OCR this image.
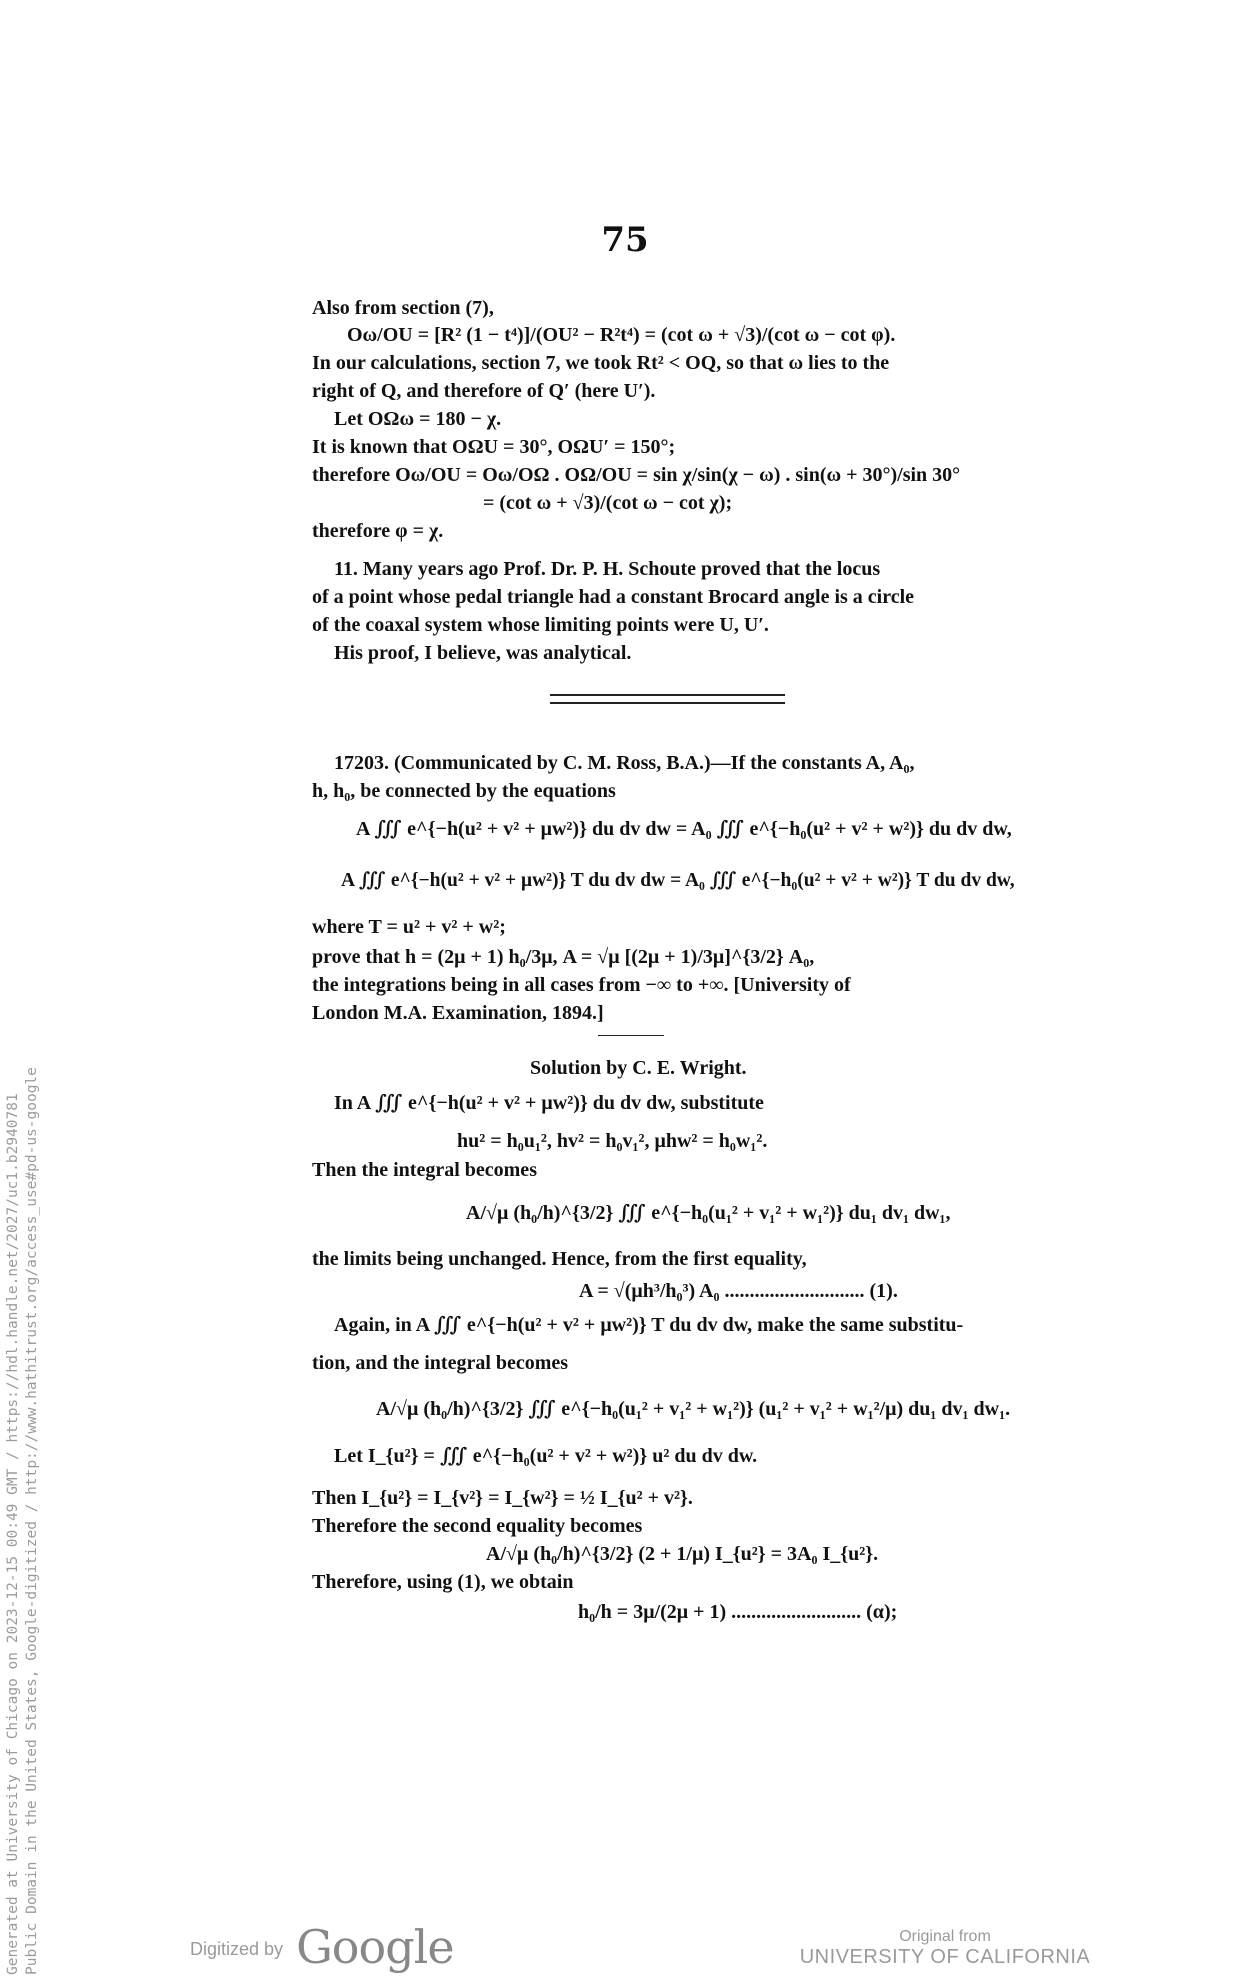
75
Also from section (7),
Oω/OU = [R² (1 − t⁴)]/(OU² − R²t⁴) = (cot ω + √3)/(cot ω − cot φ).
In our calculations, section 7, we took Rt² < OQ, so that ω lies to the
right of Q, and therefore of Q′ (here U′).
Let OΩω = 180 − χ.
It is known that OΩU = 30°, OΩU′ = 150°;
therefore Oω/OU = Oω/OΩ . OΩ/OU = sin χ/sin(χ − ω) . sin(ω + 30°)/sin 30°
= (cot ω + √3)/(cot ω − cot χ);
therefore φ = χ.
11. Many years ago Prof. Dr. P. H. Schoute proved that the locus
of a point whose pedal triangle had a constant Brocard angle is a circle
of the coaxal system whose limiting points were U, U′.
His proof, I believe, was analytical.
17203. (Communicated by C. M. Ross, B.A.)—If the constants A, A₀,
h, h₀, be connected by the equations
A ∭ e^{−h(u² + v² + μw²)} du dv dw = A₀ ∭ e^{−h₀(u² + v² + w²)} du dv dw,
A ∭ e^{−h(u² + v² + μw²)} T du dv dw = A₀ ∭ e^{−h₀(u² + v² + w²)} T du dv dw,
where T = u² + v² + w²;
prove that h = (2μ + 1) h₀/3μ, A = √μ [(2μ + 1)/3μ]^{3/2} A₀,
the integrations being in all cases from −∞ to +∞. [University of
London M.A. Examination, 1894.]
Solution by C. E. Wright.
In A ∭ e^{−h(u² + v² + μw²)} du dv dw, substitute
hu² = h₀u₁², hv² = h₀v₁², μhw² = h₀w₁².
Then the integral becomes
A/√μ (h₀/h)^{3/2} ∭ e^{−h₀(u₁² + v₁² + w₁²)} du₁ dv₁ dw₁,
the limits being unchanged. Hence, from the first equality,
A = √(μh³/h₀³) A₀ ............................ (1).
Again, in A ∭ e^{−h(u² + v² + μw²)} T du dv dw, make the same substitu-
tion, and the integral becomes
A/√μ (h₀/h)^{3/2} ∭ e^{−h₀(u₁² + v₁² + w₁²)} (u₁² + v₁² + w₁²/μ) du₁ dv₁ dw₁.
Let I_{u²} = ∭ e^{−h₀(u² + v² + w²)} u² du dv dw.
Then I_{u²} = I_{v²} = I_{w²} = ½ I_{u² + v²}.
Therefore the second equality becomes
A/√μ (h₀/h)^{3/2} (2 + 1/μ) I_{u²} = 3A₀ I_{u²}.
Therefore, using (1), we obtain
h₀/h = 3μ/(2μ + 1) .......................... (α);
Generated at University of Chicago on 2023-12-15 00:49 GMT / https://hdl.handle.net/2027/uc1.b2940781 Public Domain in the United States, Google-digitized / http://www.hathitrust.org/access_use#pd-us-google	Digitized by Google	Original from
UNIVERSITY OF CALIFORNIA
